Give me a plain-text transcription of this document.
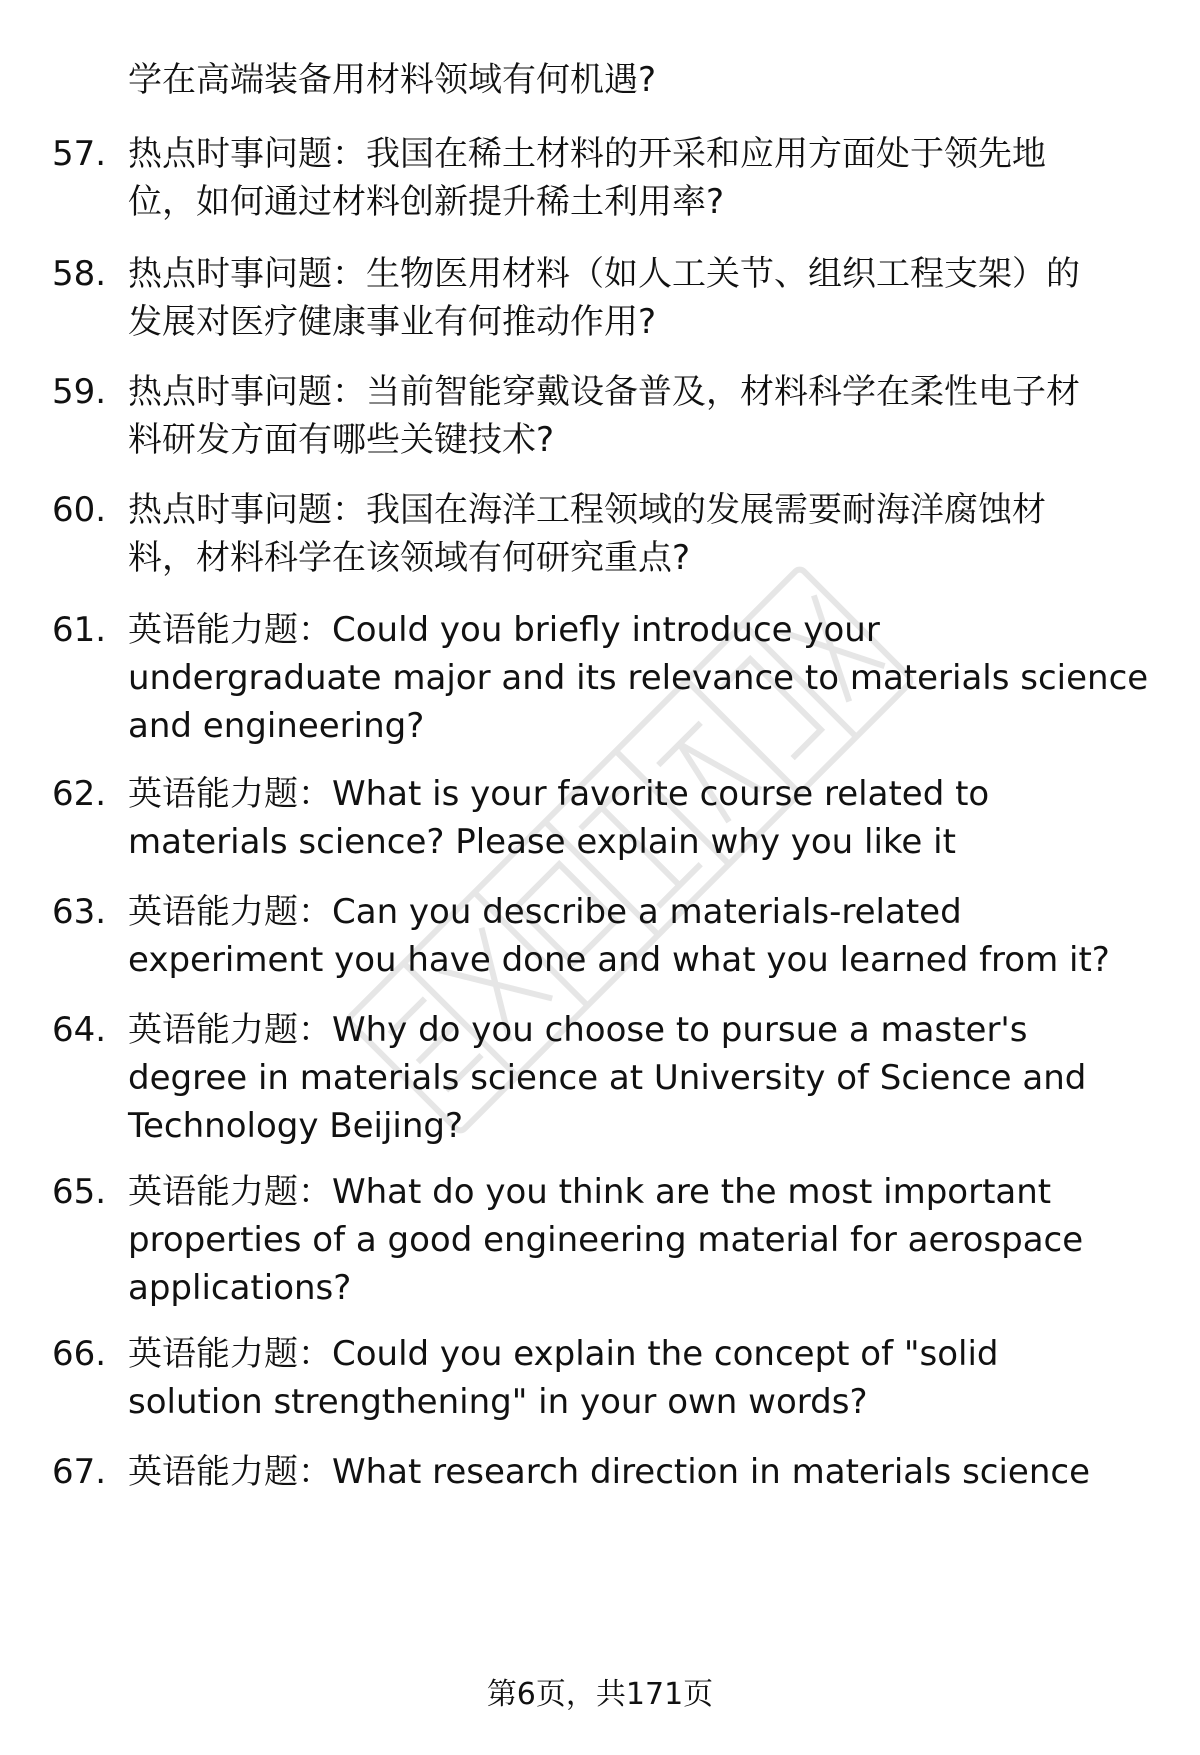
学在高端装备用材料领域有何机遇?
57. 热点时事问题：我国在稀土材料的开采和应用方面处于领先地
位，如何通过材料创新提升稀土利用率?
58. 热点时事问题：生物医用材料（如人工关节、组织工程支架）的
发展对医疗健康事业有何推动作用?
59. 热点时事问题：当前智能穿戴设备普及，材料科学在柔性电子材
料研发方面有哪些关键技术?
60. 热点时事问题：我国在海洋工程领域的发展需要耐海洋腐蚀材
料，材料科学在该领域有何研究重点?
61. 英语能力题：Could you briefly introduce your
undergraduate major and its relevance to materials science
and engineering?
62. 英语能力题：What is your favorite course related to
materials science? Please explain why you like it
63. 英语能力题：Can you describe a materials-related
experiment you have done and what you learned from it?
64. 英语能力题：Why do you choose to pursue a master's
degree in materials science at University of Science and
Technology Beijing?
65. 英语能力题：What do you think are the most important
properties of a good engineering material for aerospace
applications?
66. 英语能力题：Could you explain the concept of "solid
solution strengthening" in your own words?
67. 英语能力题：What research direction in materials science
第6页，共171页
